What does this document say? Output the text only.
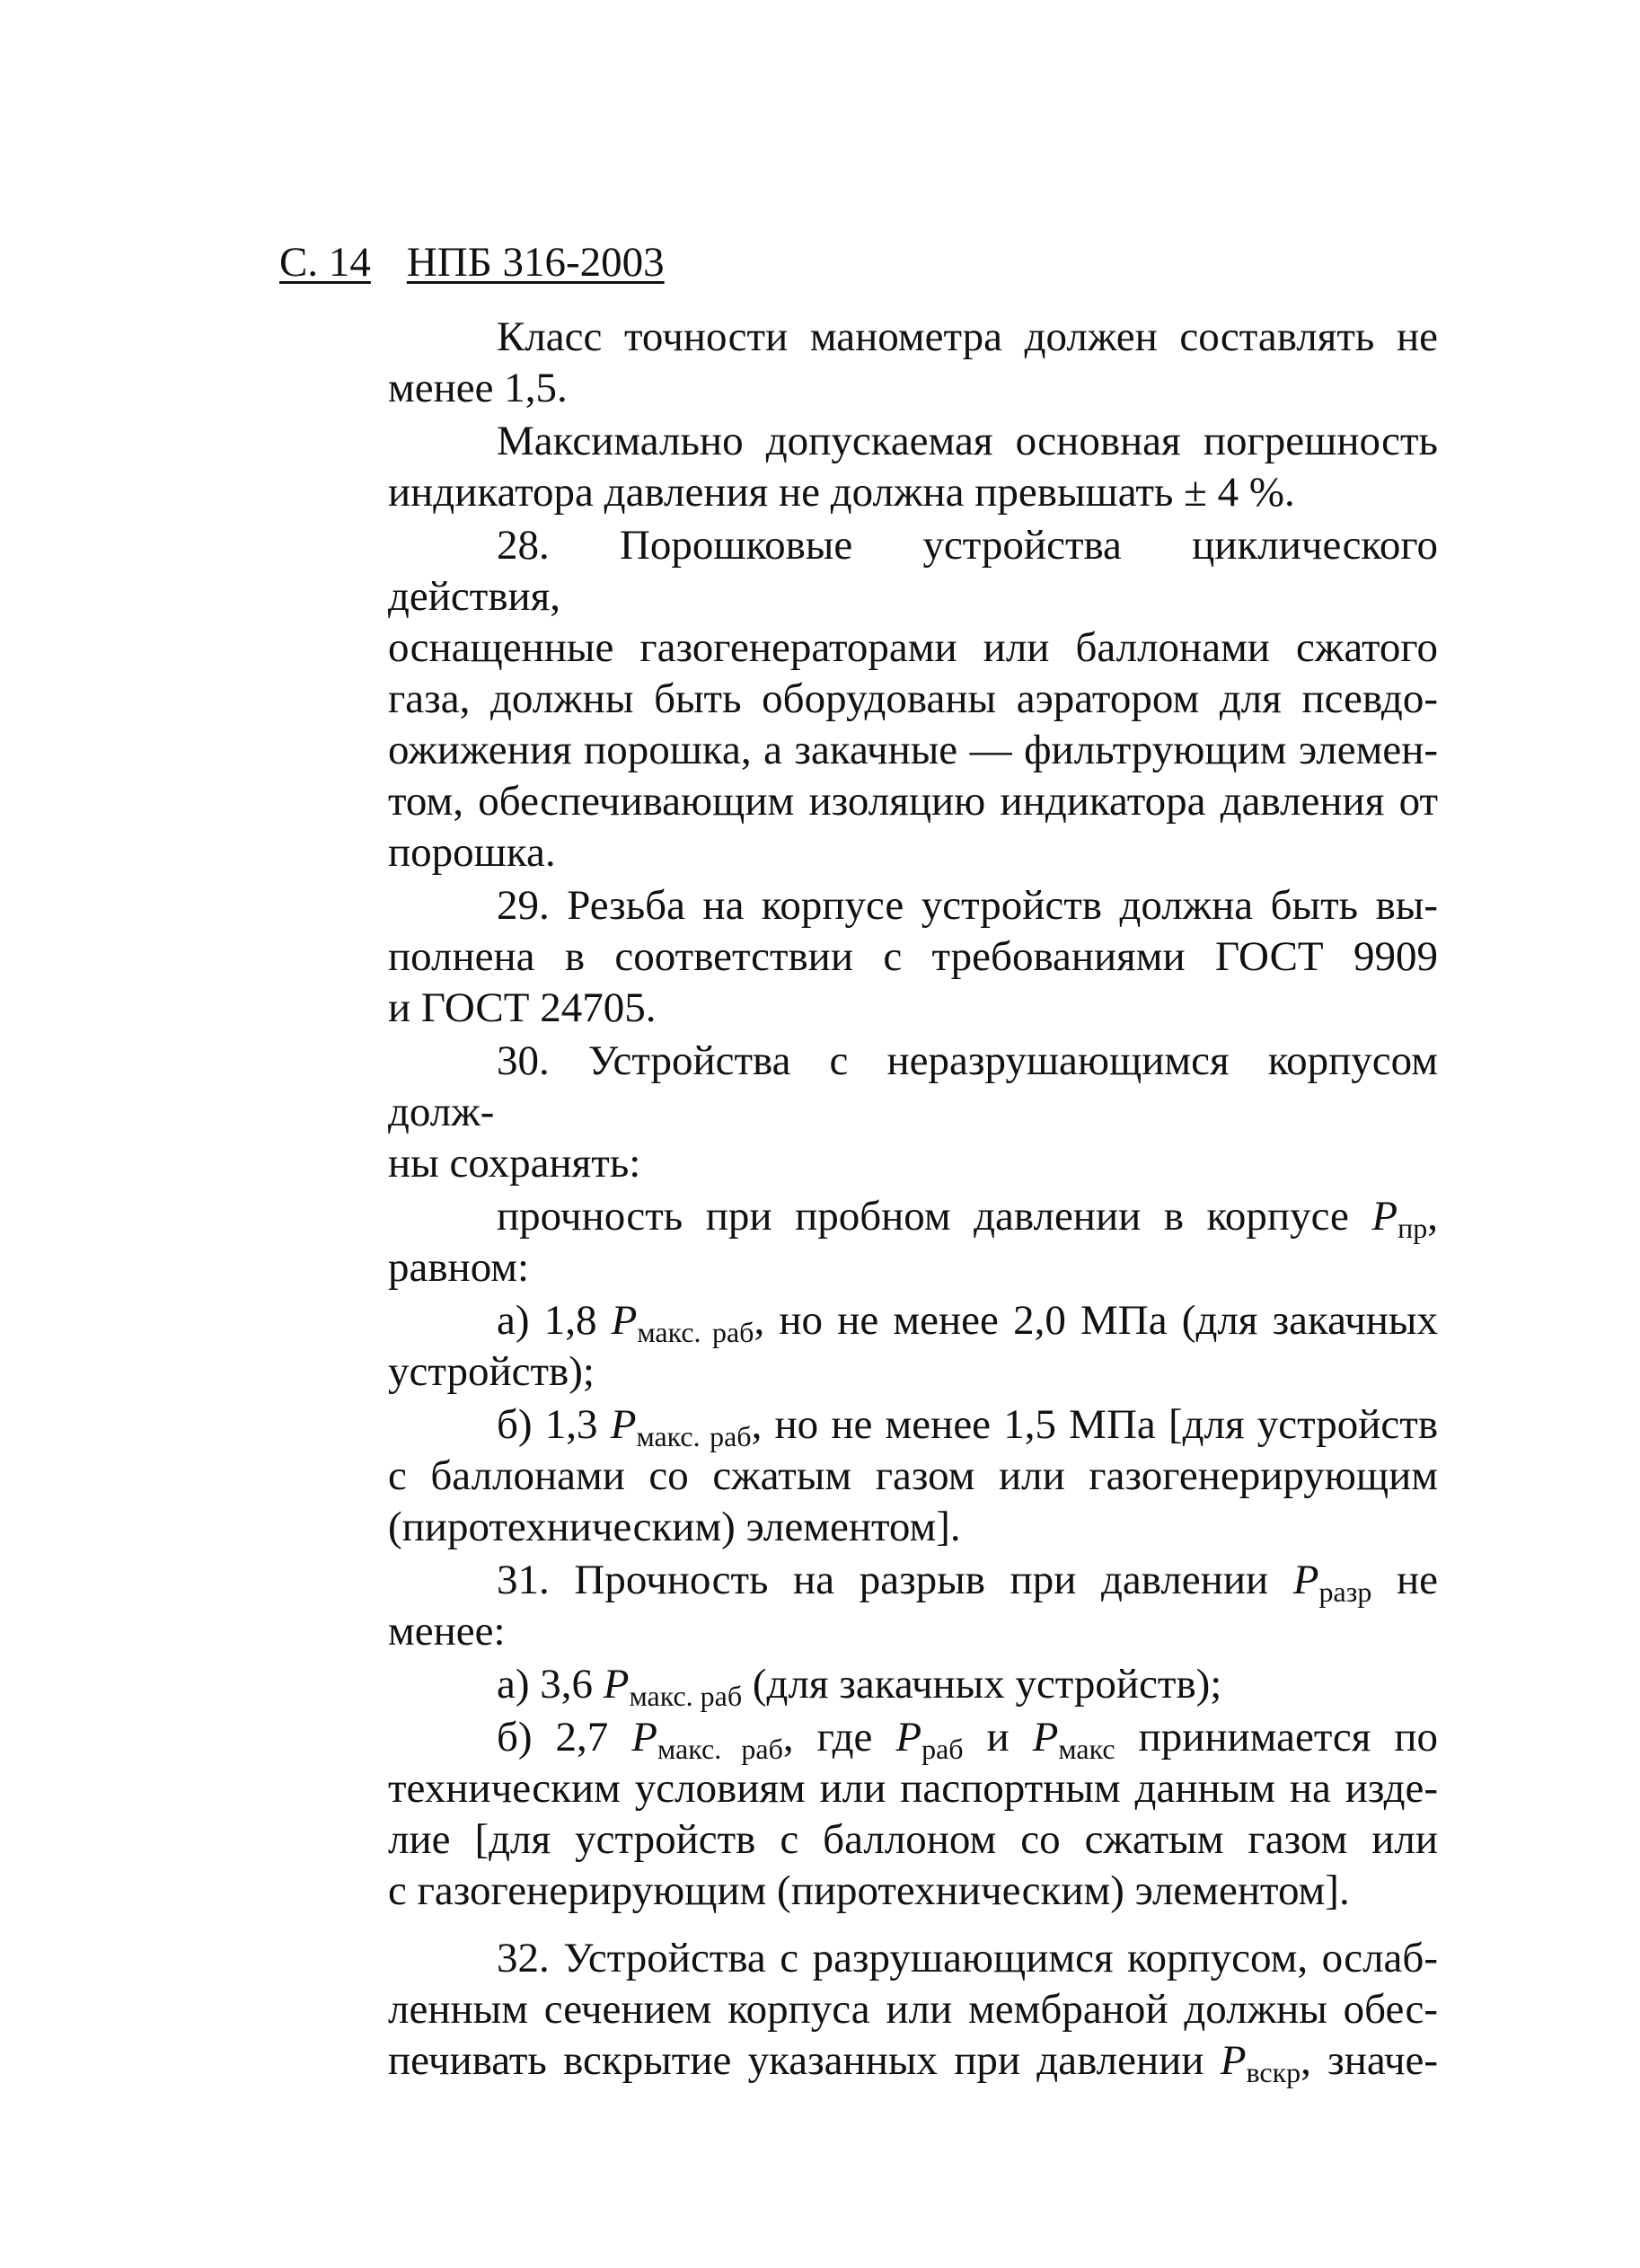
С. 14 НПБ 316-2003
Класс точности манометра должен составлять не
менее 1,5.
Максимально допускаемая основная погрешность
индикатора давления не должна превышать ± 4 %.
28. Порошковые устройства циклического действия,
оснащенные газогенераторами или баллонами сжатого
газа, должны быть оборудованы аэратором для псевдо-
ожижения порошка, а закачные — фильтрующим элемен-
том, обеспечивающим изоляцию индикатора давления от
порошка.
29. Резьба на корпусе устройств должна быть вы-
полнена в соответствии с требованиями ГОСТ 9909
и ГОСТ 24705.
30. Устройства с неразрушающимся корпусом долж-
ны сохранять:
прочность при пробном давлении в корпусе $P_{пр}$,
равном:
а) 1,8 $P_{макс. раб}$, но не менее 2,0 МПа (для закачных
устройств);
б) 1,3 $P_{макс. раб}$, но не менее 1,5 МПа [для устройств
с баллонами со сжатым газом или газогенерирующим
(пиротехническим) элементом].
31. Прочность на разрыв при давлении $P_{разр}$ не менее:
а) 3,6 $P_{макс. раб}$ (для закачных устройств);
б) 2,7 $P_{макс. раб}$, где $P_{раб}$ и $P_{макс}$ принимается по
техническим условиям или паспортным данным на изде-
лие [для устройств с баллоном со сжатым газом или
с газогенерирующим (пиротехническим) элементом].
32. Устройства с разрушающимся корпусом, ослаб-
ленным сечением корпуса или мембраной должны обес-
печивать вскрытие указанных при давлении $P_{вскр}$, значе-
